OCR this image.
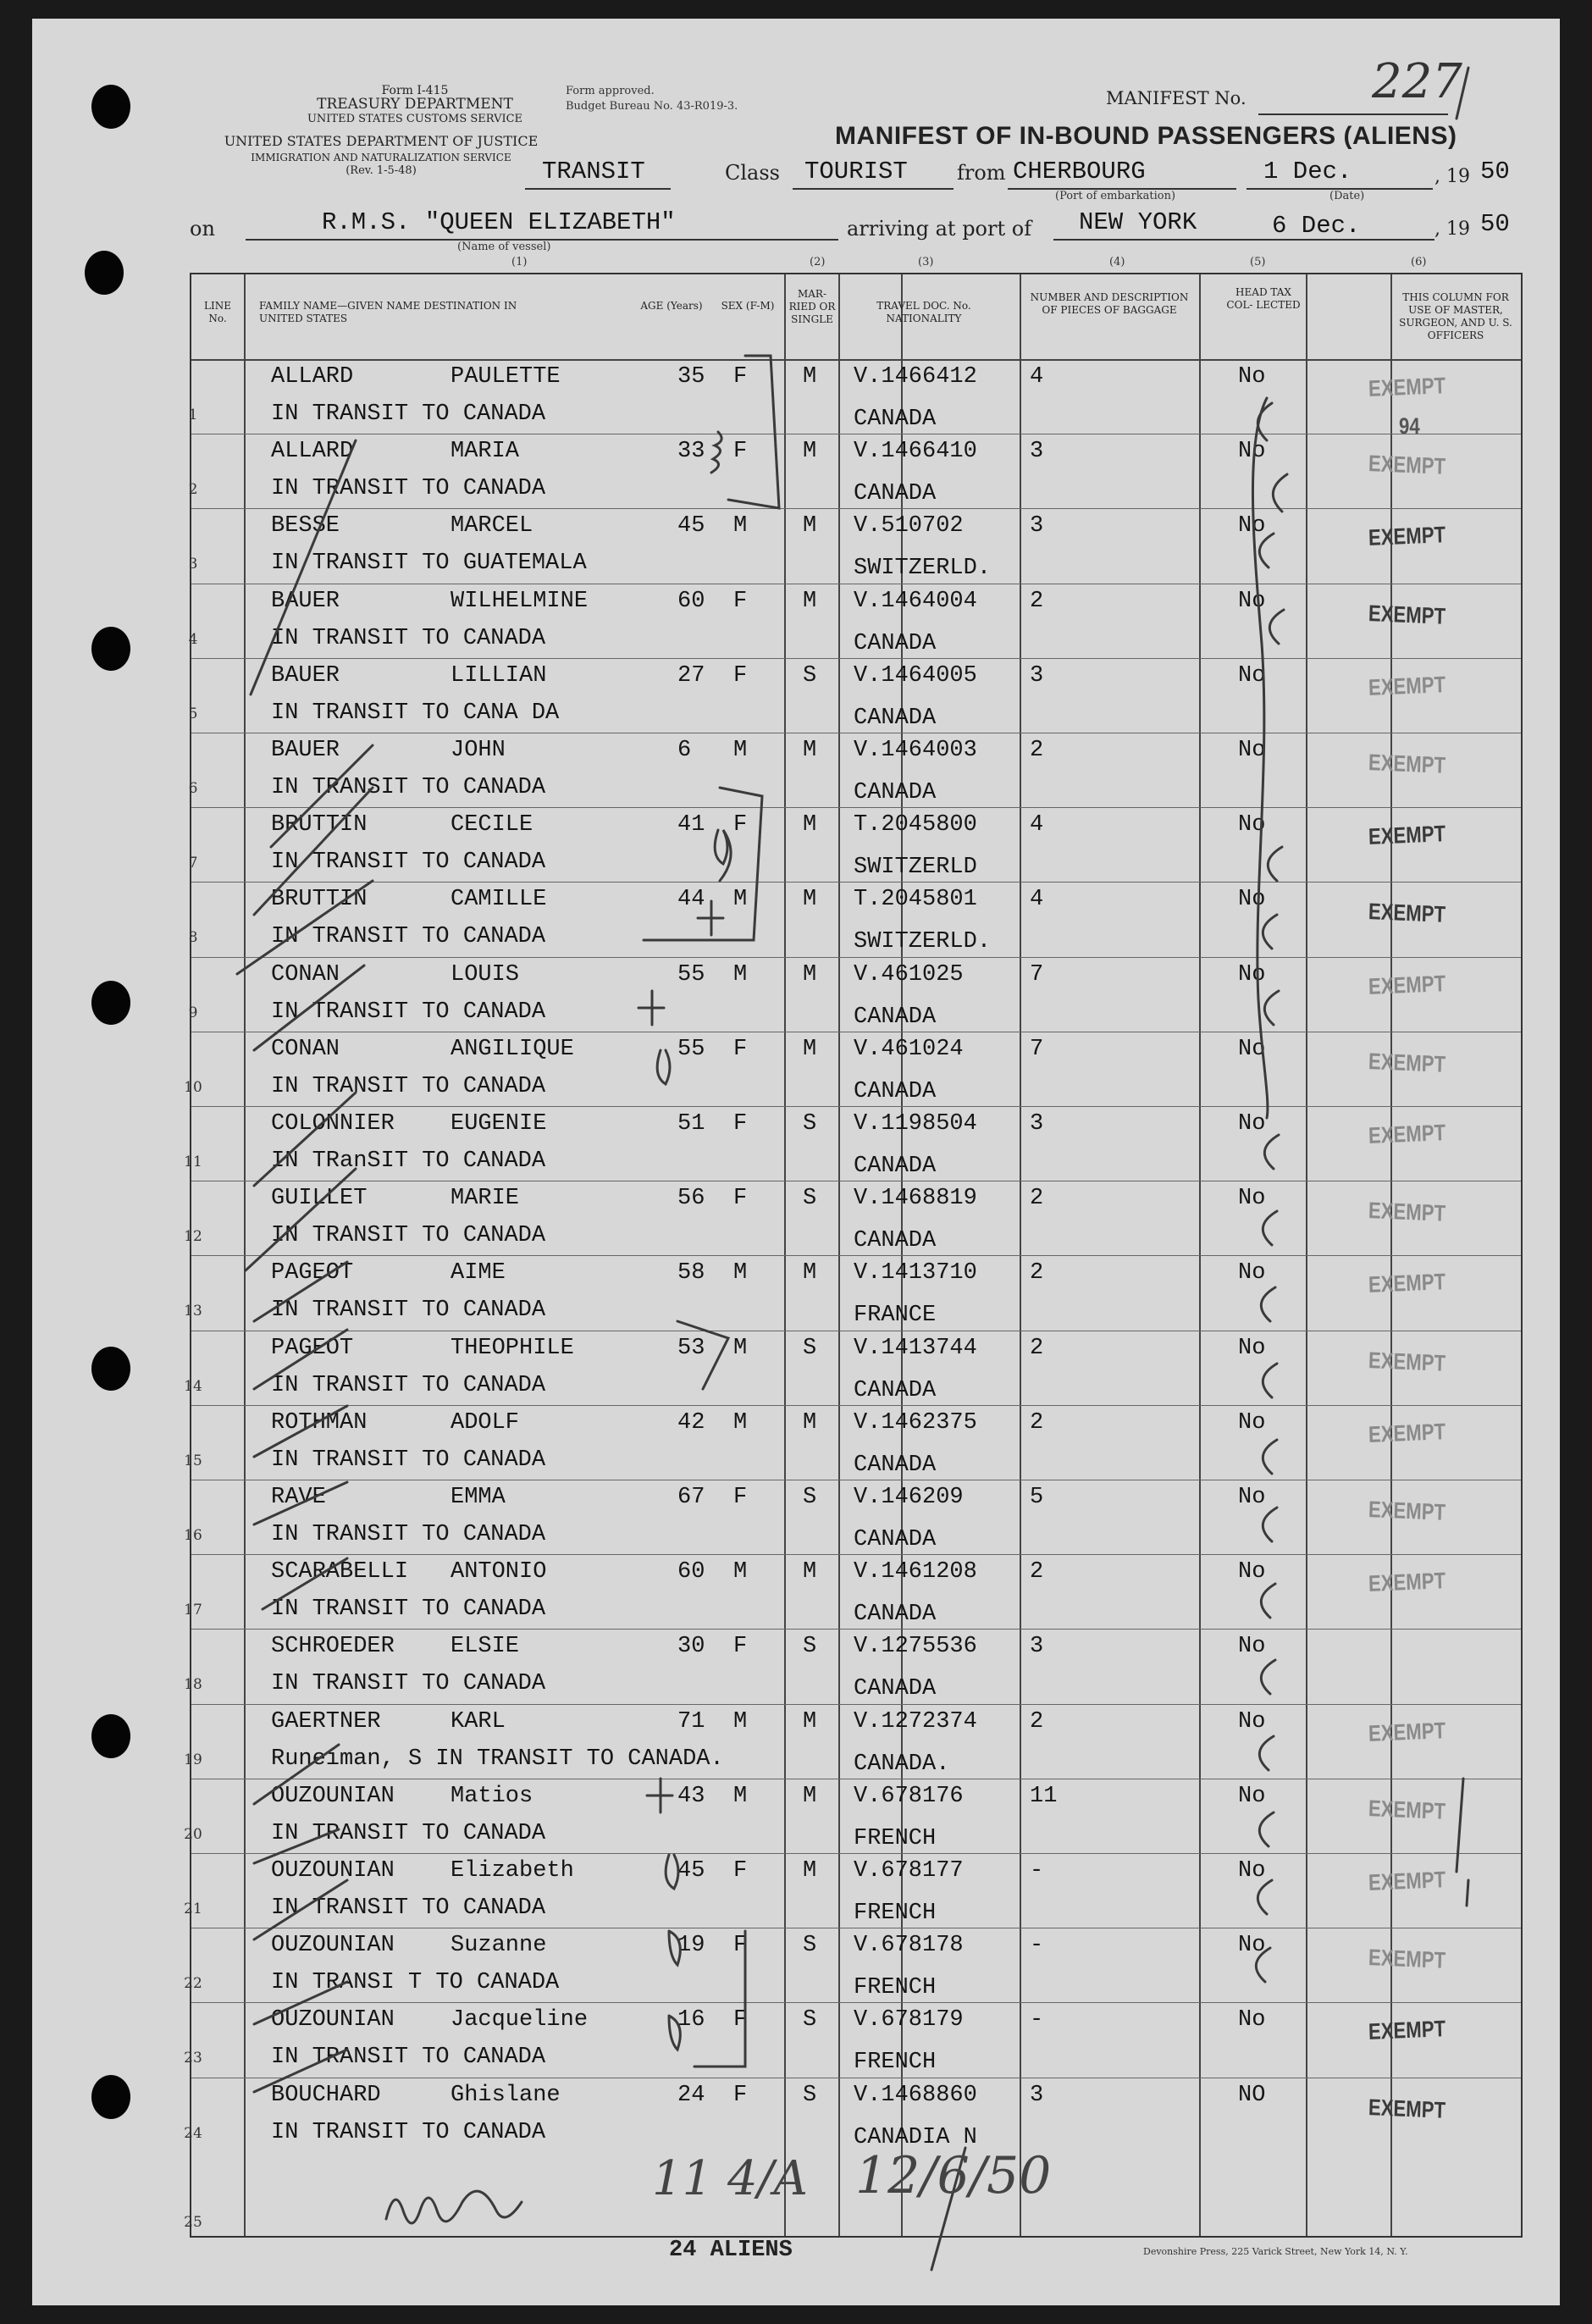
Form I-415
TREASURY DEPARTMENT
UNITED STATES CUSTOMS SERVICE
UNITED STATES DEPARTMENT OF JUSTICE
IMMIGRATION AND NATURALIZATION SERVICE
(Rev. 1-5-48)
Form approved.
Budget Bureau No. 43-R019-3.	MANIFEST No.	227
MANIFEST OF IN-BOUND PASSENGERS (ALIENS)
TRANSIT	Class TOURIST from CHERBOURG
(Port of embarkation)
1 Dec.
(Date)
, 19 50
on	R.M.S. "QUEEN ELIZABETH"
(Name of vessel)
arriving at port of NEW YORK	6 Dec.	, 19 50
(1)	(2)	(3)	(4)	(5)	(6)
LINE No.
FAMILY NAME—GIVEN NAME DESTINATION IN UNITED STATES
AGE (Years)	SEX (F-M)
MAR- RIED OR SINGLE
TRAVEL DOC. No. NATIONALITY
NUMBER AND DESCRIPTION OF PIECES OF BAGGAGE
HEAD TAX COL- LECTED
THIS COLUMN FOR USE OF MASTER, SURGEON, AND U. S. OFFICERS
1
ALLARD	PAULETTE
IN TRANSIT TO CANADA
35 F M V.1466412
CANADA
4	No	EXEMPT
2
ALLARD	MARIA
IN TRANSIT TO CANADA
33 F M V.1466410
CANADA
3	No	EXEMPT
3
BESSE	MARCEL
IN TRANSIT TO GUATEMALA
45 M M V.510702
SWITZERLD.
3	No	EXEMPT
4
BAUER	WILHELMINE
IN TRANSIT TO CANADA
60 F M V.1464004
CANADA
2	No	EXEMPT
5
BAUER	LILLIAN
IN TRANSIT TO CANA DA
27 F S V.1464005
CANADA
3	No	EXEMPT
6
BAUER	JOHN
IN TRANSIT TO CANADA
6 M M V.1464003
CANADA
2	No	EXEMPT
7
BRUTTIN	CECILE
IN TRANSIT TO CANADA
41 F M T.2045800
SWITZERLD
4	No	EXEMPT
8
BRUTTIN	CAMILLE
IN TRANSIT TO CANADA
44 M M T.2045801
SWITZERLD.
4	No	EXEMPT
9
CONAN	LOUIS
IN TRANSIT TO CANADA
55 M M V.461025
CANADA
7	No	EXEMPT
10
CONAN	ANGILIQUE
IN TRANSIT TO CANADA
55 F M V.461024
CANADA
7	No	EXEMPT
11
COLONNIER EUGENIE
IN TRanSIT TO CANADA
51 F S V.1198504
CANADA
3	No	EXEMPT
12
GUILLET	MARIE
IN TRANSIT TO CANADA
56 F S V.1468819
CANADA
2	No	EXEMPT
13
PAGEOT	AIME
IN TRANSIT TO CANADA
58 M M V.1413710
FRANCE
2	No	EXEMPT
14
PAGEOT	THEOPHILE
IN TRANSIT TO CANADA
53 M S V.1413744
CANADA
2	No	EXEMPT
15
ROTHMAN	ADOLF
IN TRANSIT TO CANADA
42 M M V.1462375
CANADA
2	No	EXEMPT
16
RAVE	EMMA
IN TRANSIT TO CANADA
67 F S V.146209
CANADA
5	No	EXEMPT
17
SCARABELLI ANTONIO
IN TRANSIT TO CANADA
60 M M V.1461208
CANADA
2	No	EXEMPT
18
SCHROEDER ELSIE
IN TRANSIT TO CANADA
30 F S V.1275536
CANADA
3	No
19
GAERTNER	KARL
Runeiman, S IN TRANSIT TO CANADA.
71 M M V.1272374
CANADA.
2	No	EXEMPT
20
OUZOUNIAN Matios
IN TRANSIT TO CANADA
43 M M V.678176
FRENCH
11	No	EXEMPT
21
OUZOUNIAN Elizabeth
IN TRANSIT TO CANADA
45 F M V.678177
FRENCH
-	No	EXEMPT
22
OUZOUNIAN Suzanne
IN TRANSI T TO CANADA
19 F S V.678178
FRENCH
-	No	EXEMPT
23
OUZOUNIAN Jacqueline
IN TRANSIT TO CANADA
16 F S V.678179
FRENCH
-	No	EXEMPT
24
BOUCHARD	Ghislane
IN TRANSIT TO CANADA
24 F S V.1468860
CANADIA N
3	NO	EXEMPT
25
94
11 4/A 12/6/50
24 ALIENS	Devonshire Press, 225 Varick Street, New York 14, N. Y.
